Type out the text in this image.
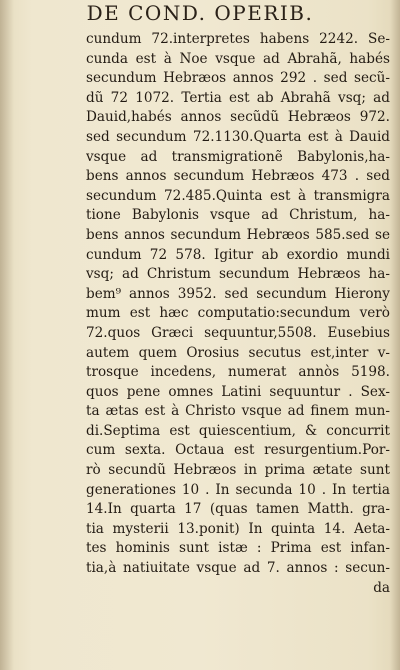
DE COND. OPERIB.
cundum 72.interpretes habens 2242. Se-
cunda est à Noe vsque ad Abrahã, habés
secundum Hebræos annos 292 . sed secũ-
dũ 72 1072. Tertia est ab Abrahã vsq; ad
Dauid,habés annos secũdũ Hebræos 972.
sed secundum 72.1130.Quarta est à Dauid
vsque ad transmigrationẽ Babylonis,ha-
bens annos secundum Hebræos 473 . sed
secundum 72.485.Quinta est à transmigra
tione Babylonis vsque ad Christum, ha-
bens annos secundum Hebræos 585.sed se
cundum 72 578. Igitur ab exordio mundi
vsq; ad Christum secundum Hebræos ha-
bem⁹ annos 3952. sed secundum Hierony
mum est hæc computatio:secundum verò
72.quos Græci sequuntur,5508. Eusebius
autem quem Orosius secutus est,inter v-
trosque incedens, numerat annòs 5198.
quos pene omnes Latini sequuntur . Sex-
ta ætas est à Christo vsque ad finem mun-
di.Septima est quiescentium, & concurrit
cum sexta. Octaua est resurgentium.Por-
rò secundũ Hebræos in prima ætate sunt
generationes 10 . In secunda 10 . In tertia
14.In quarta 17 (quas tamen Matth. gra-
tia mysterii 13.ponit) In quinta 14. Aeta-
tes hominis sunt istæ : Prima est infan-
tia,à natiuitate vsque ad 7. annos : secun-
da
